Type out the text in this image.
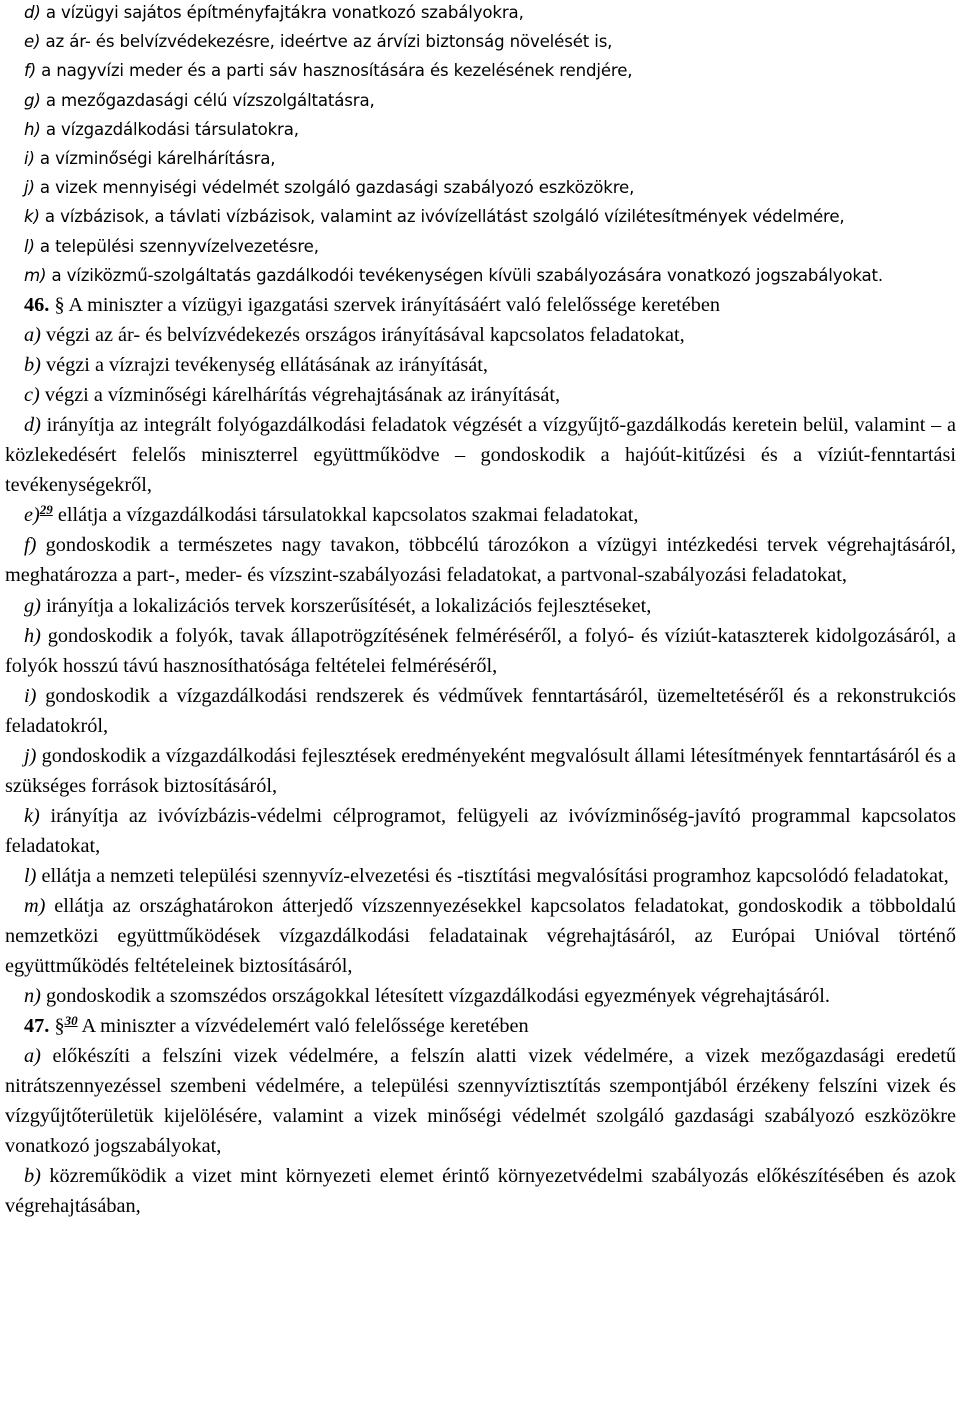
d) a vízügyi sajátos építményfajtákra vonatkozó szabályokra,

e) az ár- és belvízvédekezésre, ideértve az árvízi biztonság növelését is,

f) a nagyvízi meder és a parti sáv hasznosítására és kezelésének rendjére,

g) a mezőgazdasági célú vízszolgáltatásra,

h) a vízgazdálkodási társulatokra,

i) a vízminőségi kárelhárításra,

j) a vizek mennyiségi védelmét szolgáló gazdasági szabályozó eszközökre,

k) a vízbázisok, a távlati vízbázisok, valamint az ivóvízellátást szolgáló vízilétesítmények védelmére,

l) a települési szennyvízelvezetésre,

m) a víziközmű-szolgáltatás gazdálkodói tevékenységen kívüli szabályozására vonatkozó jogszabályokat.

46. § A miniszter a vízügyi igazgatási szervek irányításáért való felelőssége keretében

a) végzi az ár- és belvízvédekezés országos irányításával kapcsolatos feladatokat,

b) végzi a vízrajzi tevékenység ellátásának az irányítását,

c) végzi a vízminőségi kárelhárítás végrehajtásának az irányítását,

d) irányítja az integrált folyógazdálkodási feladatok végzését a vízgyűjtő-gazdálkodás keretein belül, valamint – a közlekedésért felelős miniszterrel együttműködve – gondoskodik a hajóút-kitűzési és a víziút-fenntartási tevékenységekről,

e)$^{29}$ ellátja a vízgazdálkodási társulatokkal kapcsolatos szakmai feladatokat,

f) gondoskodik a természetes nagy tavakon, többcélú tározókon a vízügyi intézkedési tervek végrehajtásáról, meghatározza a part-, meder- és vízszint-szabályozási feladatokat, a partvonal-szabályozási feladatokat,

g) irányítja a lokalizációs tervek korszerűsítését, a lokalizációs fejlesztéseket,

h) gondoskodik a folyók, tavak állapotrögzítésének felméréséről, a folyó- és víziút-kataszterek kidolgozásáról, a folyók hosszú távú hasznosíthatósága feltételei felméréséről,

i) gondoskodik a vízgazdálkodási rendszerek és védművek fenntartásáról, üzemeltetéséről és a rekonstrukciós feladatokról,

j) gondoskodik a vízgazdálkodási fejlesztések eredményeként megvalósult állami létesítmények fenntartásáról és a szükséges források biztosításáról,

k) irányítja az ivóvízbázis-védelmi célprogramot, felügyeli az ivóvízminőség-javító programmal kapcsolatos feladatokat,

l) ellátja a nemzeti települési szennyvíz-elvezetési és -tisztítási megvalósítási programhoz kapcsolódó feladatokat,

m) ellátja az országhatárokon átterjedő vízszennyezésekkel kapcsolatos feladatokat, gondoskodik a többoldalú nemzetközi együttműködések vízgazdálkodási feladatainak végrehajtásáról, az Európai Unióval történő együttműködés feltételeinek biztosításáról,

n) gondoskodik a szomszédos országokkal létesített vízgazdálkodási egyezmények végrehajtásáról.

47. §$^{30}$ A miniszter a vízvédelemért való felelőssége keretében

a) előkészíti a felszíni vizek védelmére, a felszín alatti vizek védelmére, a vizek mezőgazdasági eredetű nitrátszennyezéssel szembeni védelmére, a települési szennyvíztisztítás szempontjából érzékeny felszíni vizek és vízgyűjtőterületük kijelölésére, valamint a vizek minőségi védelmét szolgáló gazdasági szabályozó eszközökre vonatkozó jogszabályokat,

b) közreműködik a vizet mint környezeti elemet érintő környezetvédelmi szabályozás előkészítésében és azok végrehajtásában,
